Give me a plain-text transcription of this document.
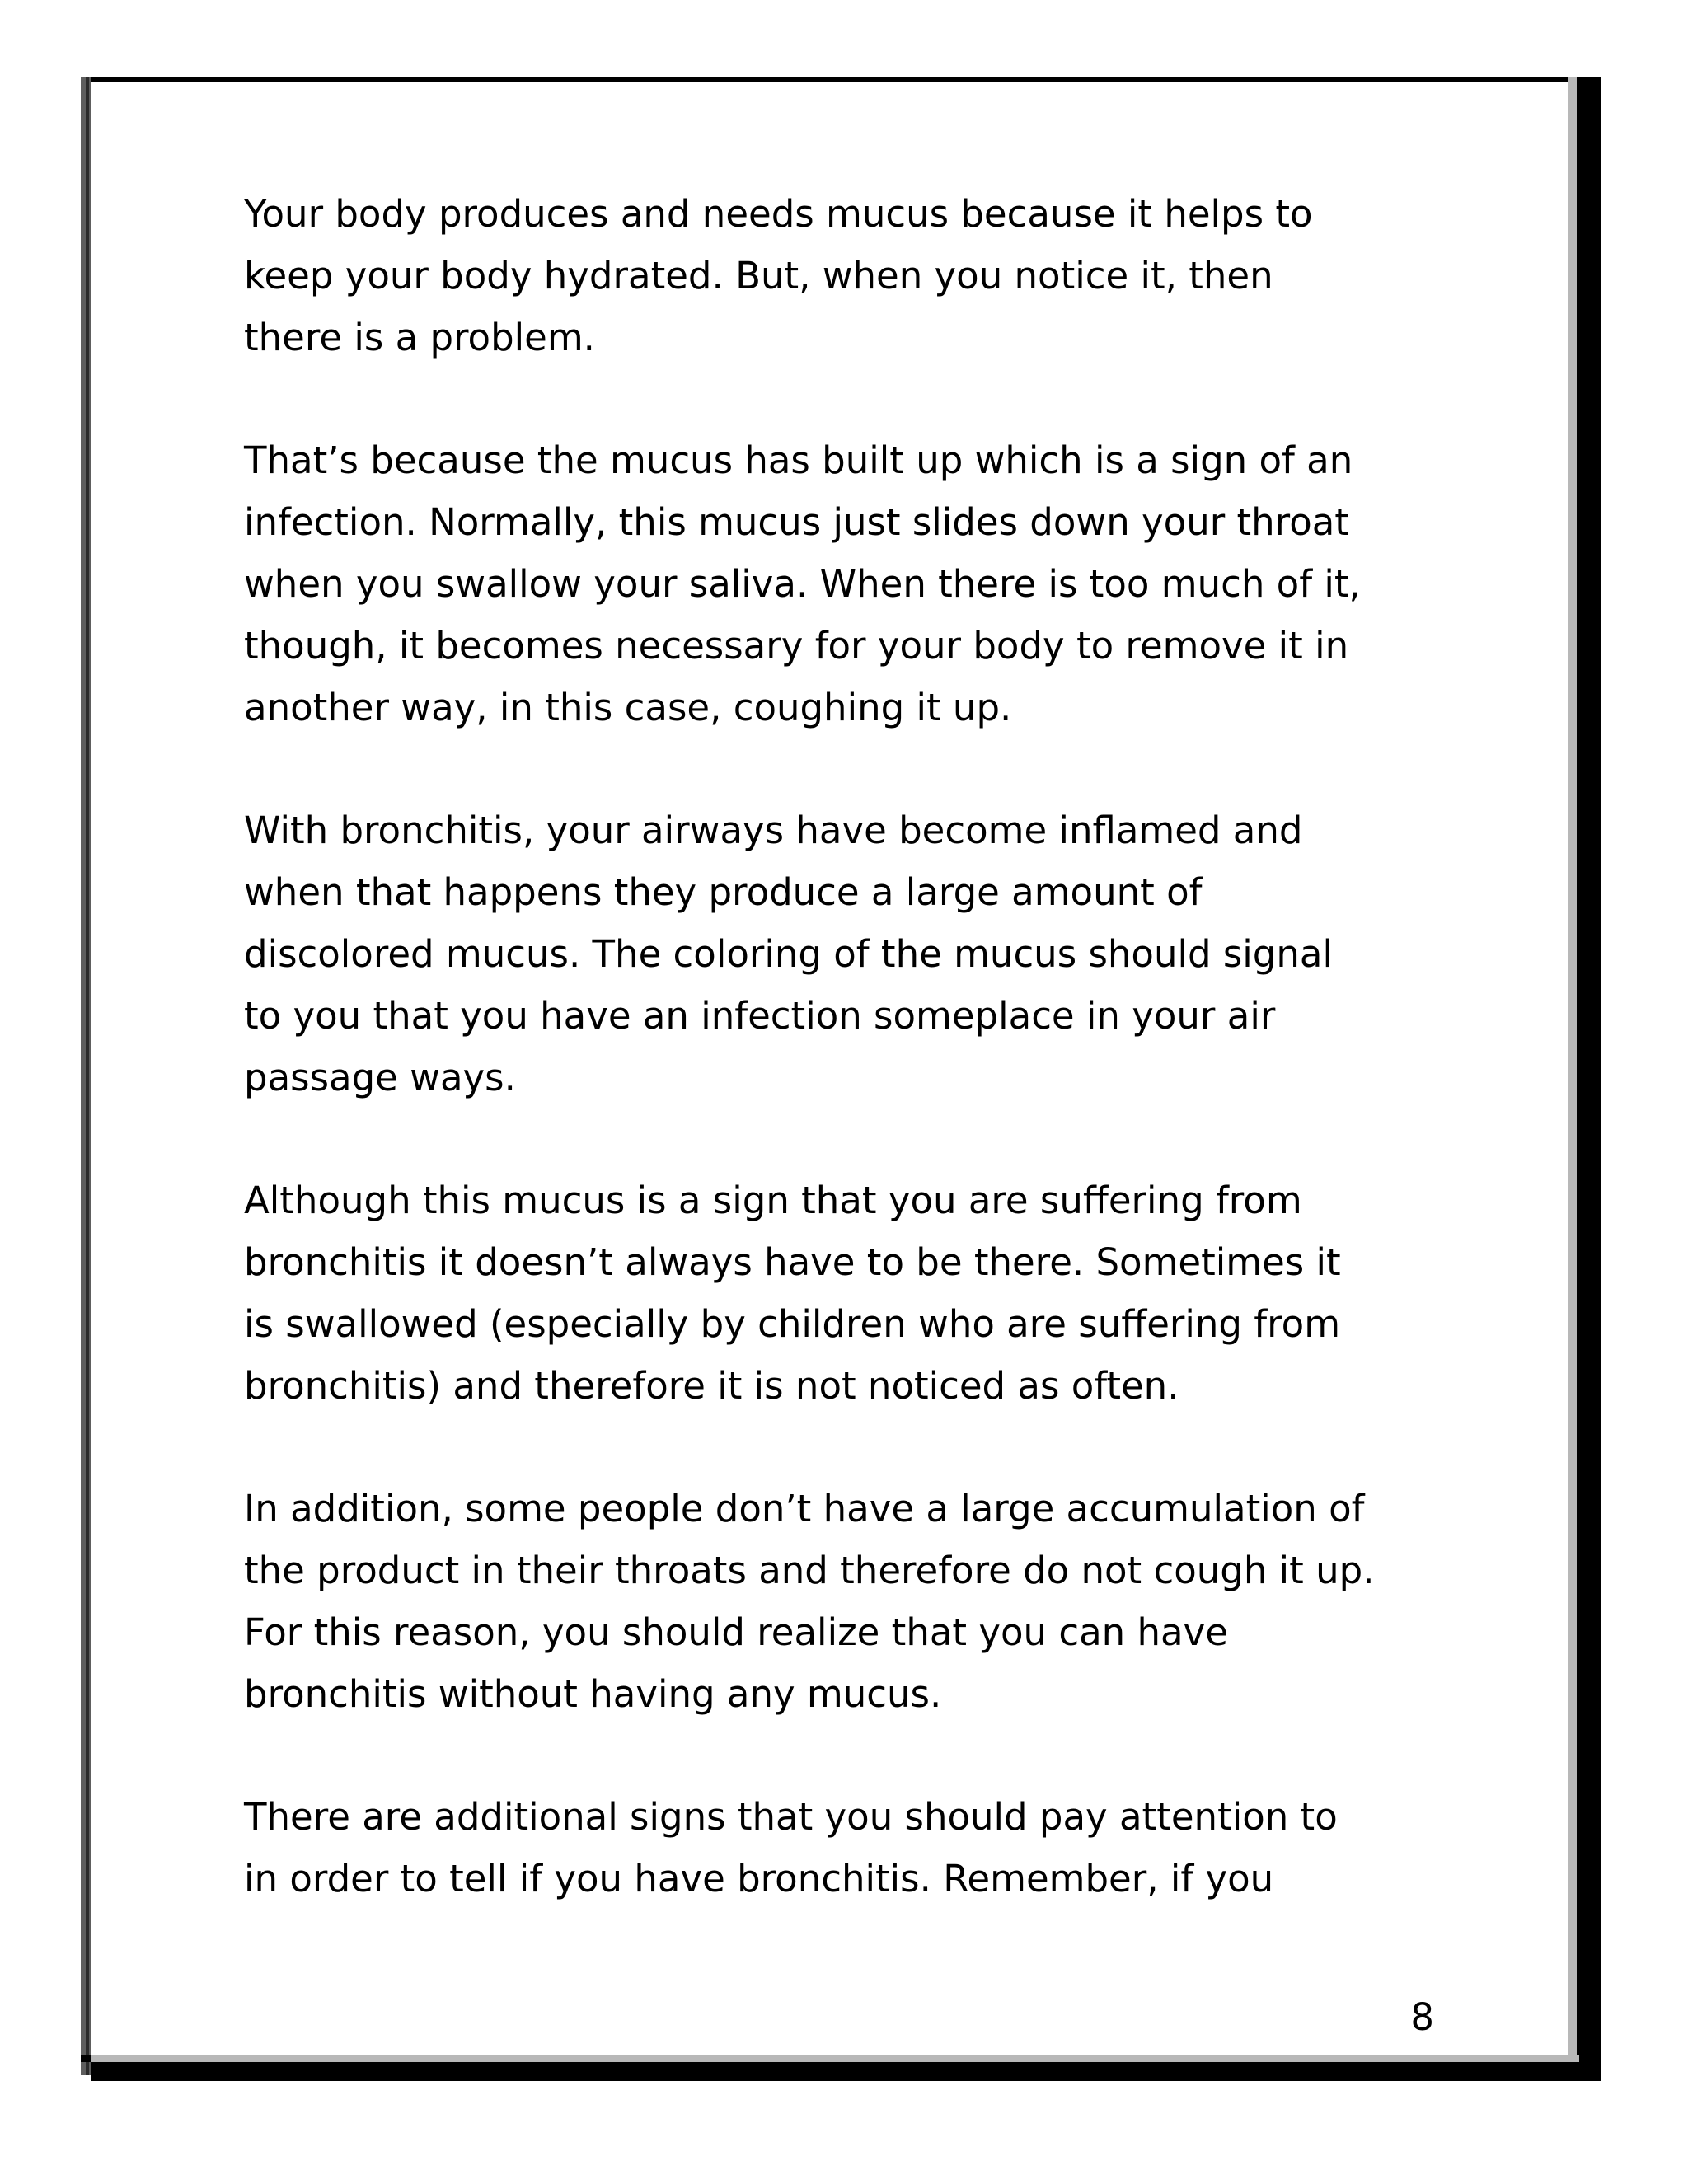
Your body produces and needs mucus because it helps to
keep your body hydrated. But, when you notice it, then
there is a problem.

That’s because the mucus has built up which is a sign of an
infection. Normally, this mucus just slides down your throat
when you swallow your saliva. When there is too much of it,
though, it becomes necessary for your body to remove it in
another way, in this case, coughing it up.

With bronchitis, your airways have become inflamed and
when that happens they produce a large amount of
discolored mucus. The coloring of the mucus should signal
to you that you have an infection someplace in your air
passage ways.

Although this mucus is a sign that you are suffering from
bronchitis it doesn’t always have to be there. Sometimes it
is swallowed (especially by children who are suffering from
bronchitis) and therefore it is not noticed as often.

In addition, some people don’t have a large accumulation of
the product in their throats and therefore do not cough it up.
For this reason, you should realize that you can have
bronchitis without having any mucus.

There are additional signs that you should pay attention to
in order to tell if you have bronchitis. Remember, if you

8
